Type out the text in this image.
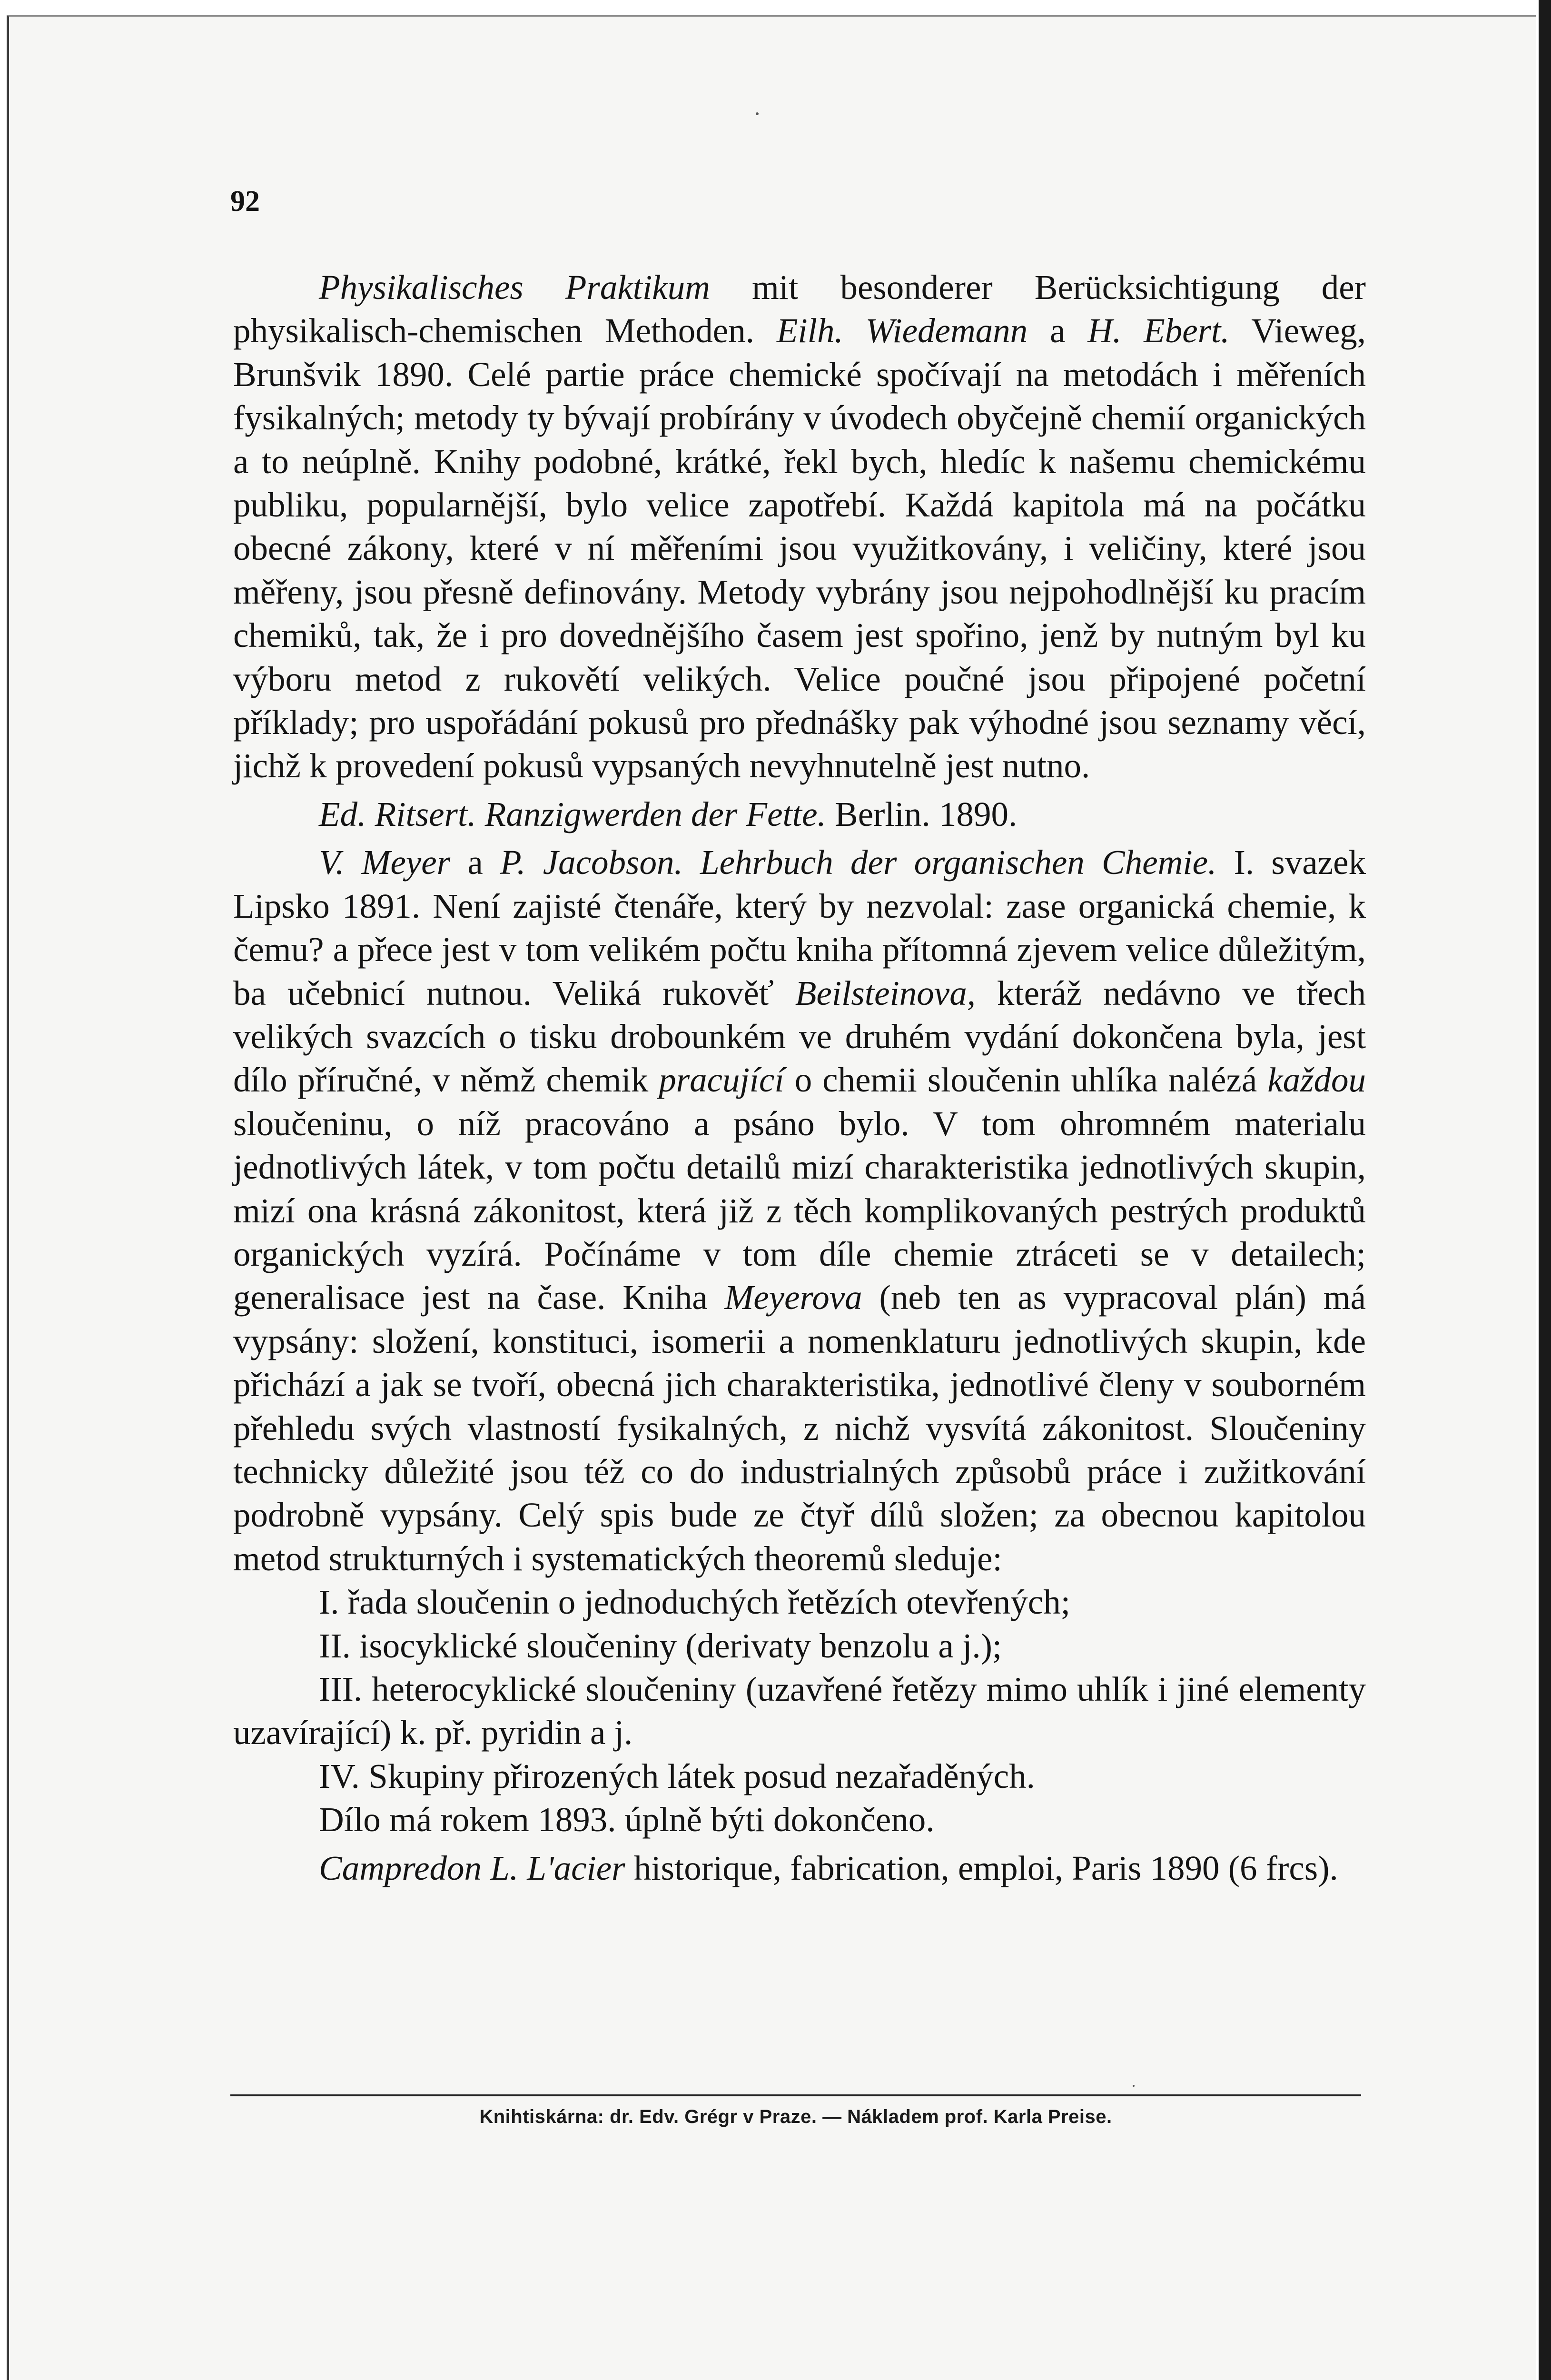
92

Physikalisches Praktikum mit besonderer Berücksichtigung der physikalisch-chemischen Methoden. Eilh. Wiedemann a H. Ebert. Vieweg, Brunšvik 1890. Celé partie práce chemické spočívají na metodách i měřeních fysikalných; metody ty bývají probírány v úvodech obyčejně chemií organických a to neúplně. Knihy podobné, krátké, řekl bych, hledíc k našemu chemickému publiku, popularnější, bylo velice zapotřebí. Každá kapitola má na počátku obecné zákony, které v ní měřeními jsou využitkovány, i veličiny, které jsou měřeny, jsou přesně definovány. Metody vybrány jsou nejpohodlnější ku pracím chemiků, tak, že i pro dovednějšího časem jest spořino, jenž by nutným byl ku výboru metod z rukovětí velikých. Velice poučné jsou připojené početní příklady; pro uspořádání pokusů pro přednášky pak výhodné jsou seznamy věcí, jichž k provedení pokusů vypsaných nevyhnutelně jest nutno.

Ed. Ritsert. Ranzigwerden der Fette. Berlin. 1890.

V. Meyer a P. Jacobson. Lehrbuch der organischen Chemie. I. svazek Lipsko 1891. Není zajisté čtenáře, který by nezvolal: zase organická chemie, k čemu? a přece jest v tom velikém počtu kniha přítomná zjevem velice důležitým, ba učebnicí nutnou. Veliká rukověť Beilsteinova, kteráž nedávno ve třech velikých svazcích o tisku drobounkém ve druhém vydání dokončena byla, jest dílo příručné, v němž chemik pracující o chemii sloučenin uhlíka nalézá každou sloučeninu, o níž pracováno a psáno bylo. V tom ohromném materialu jednotlivých látek, v tom počtu detailů mizí charakteristika jednotlivých skupin, mizí ona krásná zákonitost, která již z těch komplikovaných pestrých produktů organických vyzírá. Počínáme v tom díle chemie ztráceti se v detailech; generalisace jest na čase. Kniha Meyerova (neb ten as vypracoval plán) má vypsány: složení, konstituci, isomerii a nomenklaturu jednotlivých skupin, kde přichází a jak se tvoří, obecná jich charakteristika, jednotlivé členy v souborném přehledu svých vlastností fysikalných, z nichž vysvítá zákonitost. Sloučeniny technicky důležité jsou též co do industrialných způsobů práce i zužitkování podrobně vypsány. Celý spis bude ze čtyř dílů složen; za obecnou kapitolou metod strukturných i systematických theoremů sleduje:

I. řada sloučenin o jednoduchých řetězích otevřených;

II. isocyklické sloučeniny (derivaty benzolu a j.);

III. heterocyklické sloučeniny (uzavřené řetězy mimo uhlík i jiné elementy uzavírající) k. př. pyridin a j.

IV. Skupiny přirozených látek posud nezařaděných.

Dílo má rokem 1893. úplně býti dokončeno.

Campredon L. L'acier historique, fabrication, emploi, Paris 1890 (6 frcs).

Knihtiskárna: dr. Edv. Grégr v Praze. — Nákladem prof. Karla Preise.
